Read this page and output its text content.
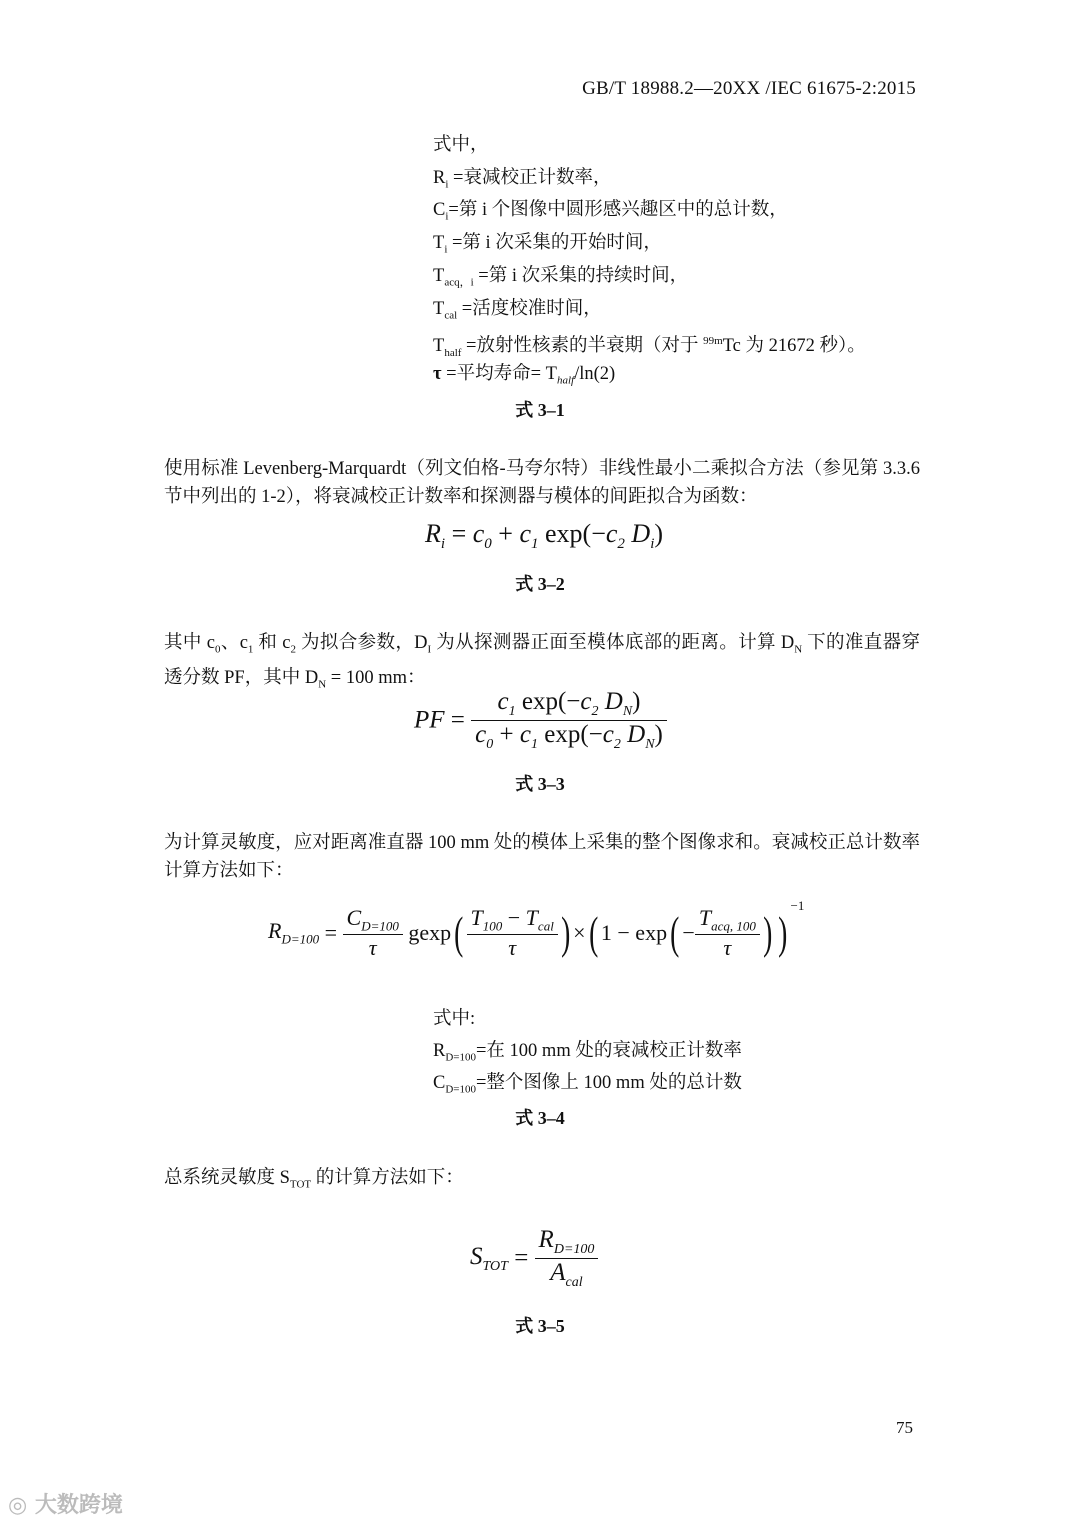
GB/T 18988.2—20XX /IEC 61675-2:2015
式中，
$R_i$ =衰减校正计数率，
$C_i=$第 i 个图像中圆形感兴趣区中的总计数，
$T_i$ =第 i 次采集的开始时间，
$T_{acq,i}$ =第 i 次采集的持续时间，
$T_{cal}$ =活度校准时间，
$T_{half}$ =放射性核素的半衰期（对于 $^{99m}$Tc 为 21672 秒）。
τ =平均寿命= $T_{half}/\ln(2)$
式 3–1
使用标准 Levenberg-Marquardt（列文伯格-马夸尔特）非线性最小二乘拟合方法（参见第 3.3.6 节中列出的 1-2），将衰减校正计数率和探测器与模体的间距拟合为函数：
$R_i = c_0 + c_1$ $\exp(-c_2$ $D_i$)
式 3–2
其中 $c_0$、$c_1$ 和 $c_2$ 为拟合参数，$D_I$ 为从探测器正面至模体底部的距离。计算 $D_N$ 下的准直器穿透分数 PF，其中 $D_N = 100$ mm：
PF = $\frac{c_1 \exp(-c_2 D_N)}{c_0 + c_1 \exp(-c_2 D_N)}$
式 3–3
为计算灵敏度，应对距离准直器 100 mm 处的模体上采集的整个图像求和。衰减校正总计数率计算方法如下：
$R_{D=100} = \frac{C_{D=100}}{\tau} gexp( \frac{T_{100} - T_{cal}}{\tau}$ ) ×( $1 - \exp( - \frac{T_{acq, 100}}{\tau}$ ) )$^{-1}$
式中:
$R_{D=100}=$在 100 mm 处的衰减校正计数率
$C_{D=100}=$整个图像上 100 mm 处的总计数
式 3–4
总系统灵敏度 $S_{TOT}$ 的计算方法如下：
$S_{TOT} = \frac{R_{D=100}}{A_{cal}}$
式 3–5
75
◎ 大数跨境
